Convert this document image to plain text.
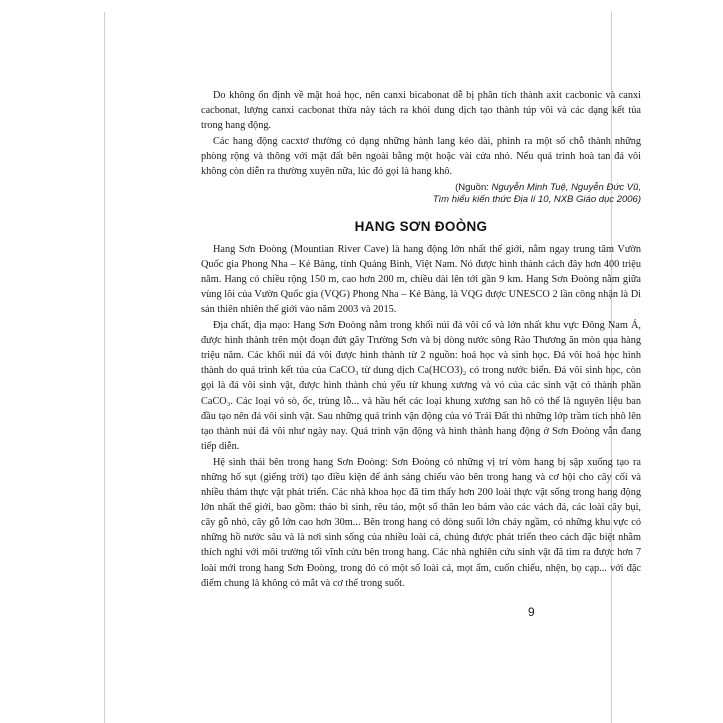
Do không ổn định về mặt hoá học, nên canxi bicabonat dễ bị phân tích thành axit cacbonic và canxi cacbonat, lượng canxi cacbonat thừa này tách ra khỏi dung dịch tạo thành túp vôi và các dạng kết tủa trong hang động.

Các hang động cacxtơ thường có dạng những hành lang kéo dài, phình ra một số chỗ thành những phòng rộng và thông với mặt đất bên ngoài bằng một hoặc vài cửa nhỏ. Nếu quá trình hoà tan đá vôi không còn diễn ra thường xuyên nữa, lúc đó gọi là hang khô.

(Nguồn: Nguyễn Minh Tuệ, Nguyễn Đức Vũ,
Tìm hiểu kiến thức Địa lí 10, NXB Giáo dục 2006)
HANG SƠN ĐOÒNG

Hang Sơn Đoòng (Mountian River Cave) là hang động lớn nhất thế giới, nằm ngay trung tâm Vườn Quốc gia Phong Nha – Kẻ Bàng, tỉnh Quảng Bình, Việt Nam. Nó được hình thành cách đây hơn 400 triệu năm. Hang có chiều rộng 150 m, cao hơn 200 m, chiều dài lên tới gần 9 km. Hang Sơn Đoòng nằm giữa vùng lõi của Vườn Quốc gia (VQG) Phong Nha – Kẻ Bàng, là VQG được UNESCO 2 lần công nhận là Di sản thiên nhiên thế giới vào năm 2003 và 2015.

Địa chất, địa mạo: Hang Sơn Đoòng nằm trong khối núi đá vôi cổ và lớn nhất khu vực Đông Nam Á, được hình thành trên một đoạn đứt gãy Trường Sơn và bị dòng nước sông Rào Thương ăn mòn qua hàng triệu năm. Các khối núi đá vôi được hình thành từ 2 nguồn: hoá học và sinh học. Đá vôi hoá học hình thành do quá trình kết tủa của CaCO₃ từ dung dịch Ca(HCO3)₂ có trong nước biển. Đá vôi sinh học, còn gọi là đá vôi sinh vật, được hình thành chủ yếu từ khung xương và vỏ của các sinh vật có thành phần CaCO₃. Các loại vỏ sò, ốc, trùng lỗ... và hầu hết các loại khung xương san hô có thể là nguyên liệu ban đầu tạo nên đá vôi sinh vật. Sau những quá trình vận động của vỏ Trái Đất thì những lớp trầm tích nhô lên tạo thành núi đá vôi như ngày nay. Quá trình vận động và hình thành hang động ở Sơn Đoòng vẫn đang tiếp diễn.

Hệ sinh thái bên trong hang Sơn Đoòng: Sơn Đoòng có những vị trí vòm hang bị sập xuống tạo ra những hố sụt (giếng trời) tạo điều kiện để ánh sáng chiếu vào bên trong hang và cơ hội cho cây cối và nhiều thảm thực vật phát triển. Các nhà khoa học đã tìm thấy hơn 200 loài thực vật sống trong hang động lớn nhất thế giới, bao gồm: thảo bì sinh, rêu tảo, một số thân leo bám vào các vách đá, các loài cây bụi, cây gỗ nhỏ, cây gỗ lớn cao hơn 30m... Bên trong hang có dòng suối lớn chảy ngầm, có những khu vực có những hồ nước sâu và là nơi sinh sống của nhiều loài cá, chúng được phát triển theo cách đặc biệt nhằm thích nghi với môi trường tối vĩnh cửu bên trong hang. Các nhà nghiên cứu sinh vật đã tìm ra được hơn 7 loài mới trong hang Sơn Đoòng, trong đó có một số loài cá, mọt ẩm, cuốn chiếu, nhện, bọ cạp... với đặc điểm chung là không có mắt và cơ thể trong suốt.

9
